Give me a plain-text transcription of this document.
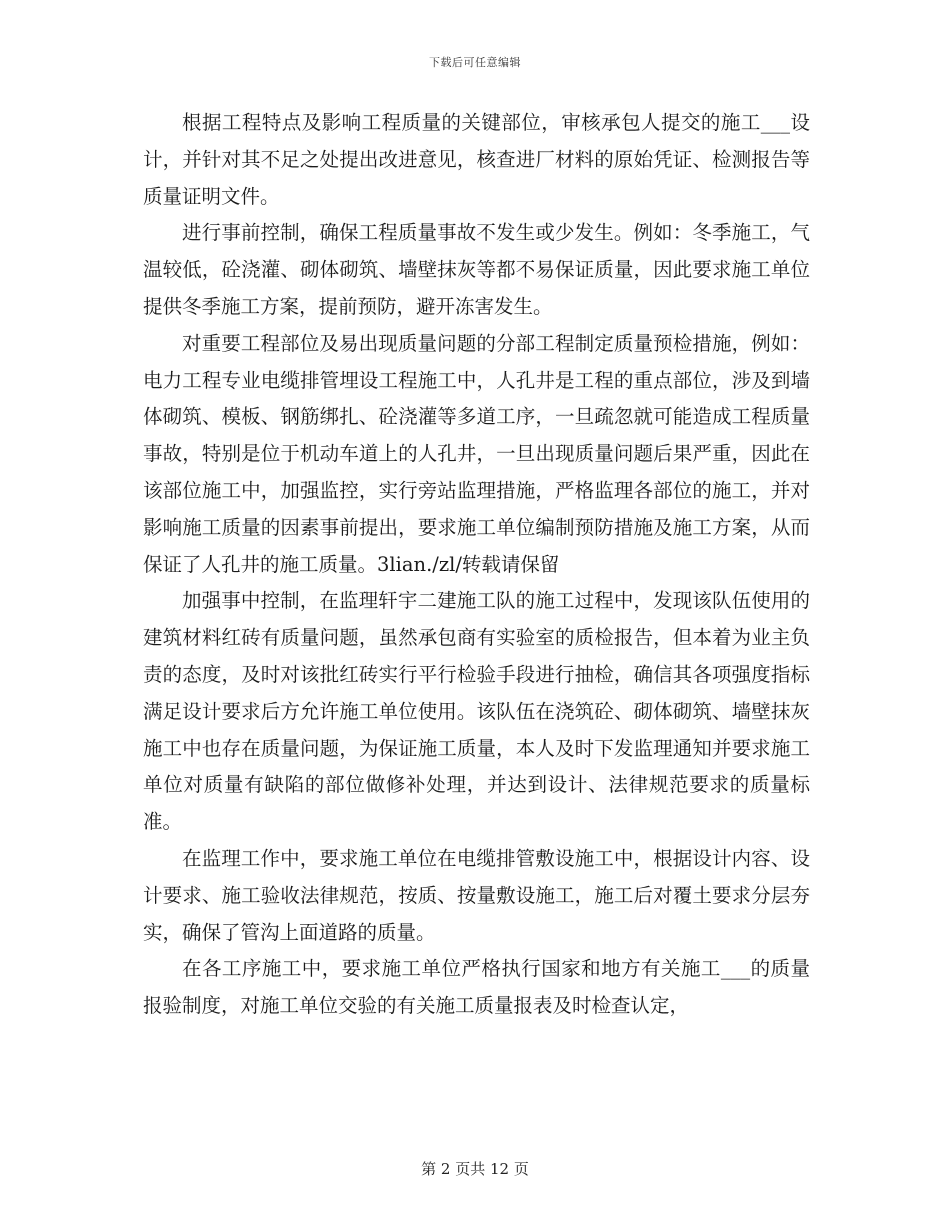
下载后可任意编辑

根据工程特点及影响工程质量的关键部位，审核承包人提交的施工___设计，并针对其不足之处提出改进意见，核查进厂材料的原始凭证、检测报告等质量证明文件。

进行事前控制，确保工程质量事故不发生或少发生。例如：冬季施工，气温较低，砼浇灌、砌体砌筑、墙壁抹灰等都不易保证质量，因此要求施工单位提供冬季施工方案，提前预防，避开冻害发生。

对重要工程部位及易出现质量问题的分部工程制定质量预检措施，例如：电力工程专业电缆排管埋设工程施工中，人孔井是工程的重点部位，涉及到墙体砌筑、模板、钢筋绑扎、砼浇灌等多道工序，一旦疏忽就可能造成工程质量事故，特别是位于机动车道上的人孔井，一旦出现质量问题后果严重，因此在该部位施工中，加强监控，实行旁站监理措施，严格监理各部位的施工，并对影响施工质量的因素事前提出，要求施工单位编制预防措施及施工方案，从而保证了人孔井的施工质量。3lian./zl/转载请保留

加强事中控制，在监理轩宇二建施工队的施工过程中，发现该队伍使用的建筑材料红砖有质量问题，虽然承包商有实验室的质检报告，但本着为业主负责的态度，及时对该批红砖实行平行检验手段进行抽检，确信其各项强度指标满足设计要求后方允许施工单位使用。该队伍在浇筑砼、砌体砌筑、墙壁抹灰施工中也存在质量问题，为保证施工质量，本人及时下发监理通知并要求施工单位对质量有缺陷的部位做修补处理，并达到设计、法律规范要求的质量标准。

在监理工作中，要求施工单位在电缆排管敷设施工中，根据设计内容、设计要求、施工验收法律规范，按质、按量敷设施工，施工后对覆土要求分层夯实，确保了管沟上面道路的质量。

在各工序施工中，要求施工单位严格执行国家和地方有关施工___的质量报验制度，对施工单位交验的有关施工质量报表及时检查认定，

第 2 页共 12 页
